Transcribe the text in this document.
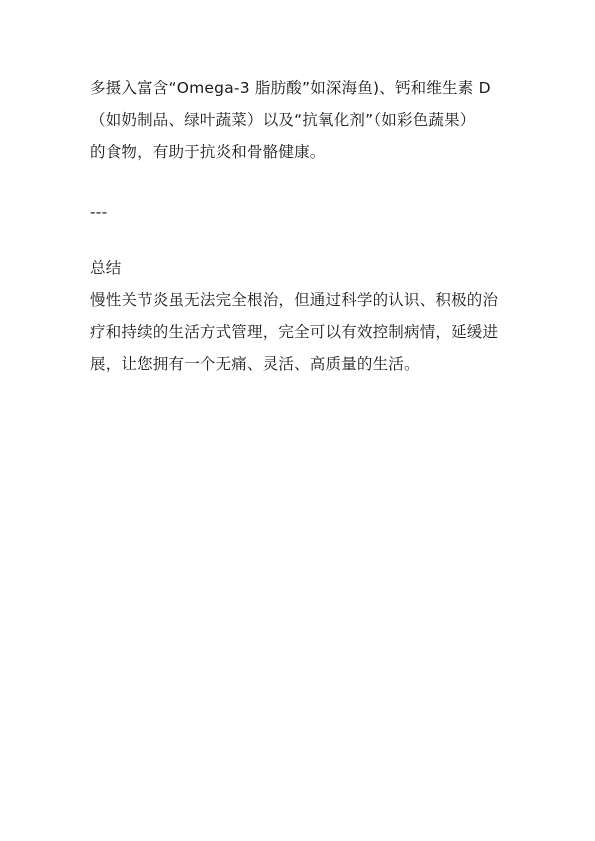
多摄入富含“Omega-3 脂肪酸”如深海鱼)、钙和维生素 D
（如奶制品、绿叶蔬菜）以及“抗氧化剂”（如彩色蔬果）
的食物，有助于抗炎和骨骼健康。
---
总结
慢性关节炎虽无法完全根治，但通过科学的认识、积极的治
疗和持续的生活方式管理，完全可以有效控制病情，延缓进
展，让您拥有一个无痛、灵活、高质量的生活。
